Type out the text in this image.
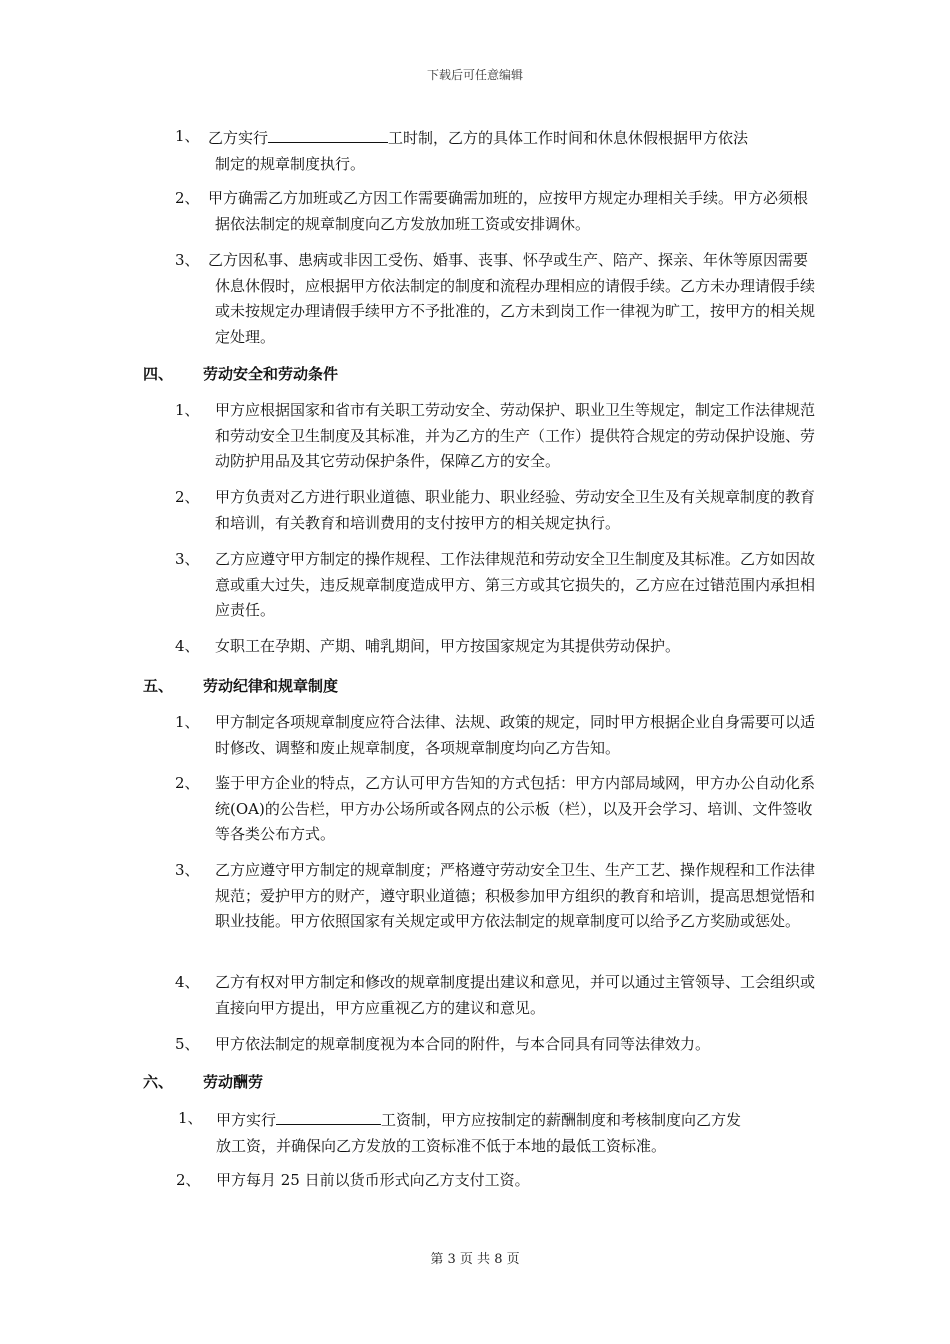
下载后可任意编辑
1、 乙方实行	工时制，乙方的具体工作时间和休息休假根据甲方依法
制定的规章制度执行。
2、 甲方确需乙方加班或乙方因工作需要确需加班的，应按甲方规定办理相关手续。甲方必须根据依法制定的规章制度向乙方发放加班工资或安排调休。
3、 乙方因私事、患病或非因工受伤、婚事、丧事、怀孕或生产、陪产、探亲、年休等原因需要休息休假时，应根据甲方依法制定的制度和流程办理相应的请假手续。乙方未办理请假手续或未按规定办理请假手续甲方不予批准的，乙方未到岗工作一律视为旷工，按甲方的相关规定处理。
四、 劳动安全和劳动条件
1、	甲方应根据国家和省市有关职工劳动安全、劳动保护、职业卫生等规定，制定工作法律规范和劳动安全卫生制度及其标准，并为乙方的生产（工作）提供符合规定的劳动保护设施、劳动防护用品及其它劳动保护条件，保障乙方的安全。
2、	甲方负责对乙方进行职业道德、职业能力、职业经验、劳动安全卫生及有关规章制度的教育和培训，有关教育和培训费用的支付按甲方的相关规定执行。
3、	乙方应遵守甲方制定的操作规程、工作法律规范和劳动安全卫生制度及其标准。乙方如因故意或重大过失，违反规章制度造成甲方、第三方或其它损失的，乙方应在过错范围内承担相应责任。
4、	女职工在孕期、产期、哺乳期间，甲方按国家规定为其提供劳动保护。
五、 劳动纪律和规章制度
1、	甲方制定各项规章制度应符合法律、法规、政策的规定，同时甲方根据企业自身需要可以适时修改、调整和废止规章制度，各项规章制度均向乙方告知。
2、	鉴于甲方企业的特点，乙方认可甲方告知的方式包括：甲方内部局域网，甲方办公自动化系统(OA)的公告栏，甲方办公场所或各网点的公示板（栏），以及开会学习、培训、文件签收等各类公布方式。
3、	乙方应遵守甲方制定的规章制度；严格遵守劳动安全卫生、生产工艺、操作规程和工作法律规范；爱护甲方的财产，遵守职业道德；积极参加甲方组织的教育和培训，提高思想觉悟和职业技能。甲方依照国家有关规定或甲方依法制定的规章制度可以给予乙方奖励或惩处。
4、	乙方有权对甲方制定和修改的规章制度提出建议和意见，并可以通过主管领导、工会组织或直接向甲方提出，甲方应重视乙方的建议和意见。
5、	甲方依法制定的规章制度视为本合同的附件，与本合同具有同等法律效力。
六、 劳动酬劳
1、 甲方实行	工资制，甲方应按制定的薪酬制度和考核制度向乙方发
放工资，并确保向乙方发放的工资标准不低于本地的最低工资标准。
2、	甲方每月 25 日前以货币形式向乙方支付工资。
第 3 页 共 8 页
